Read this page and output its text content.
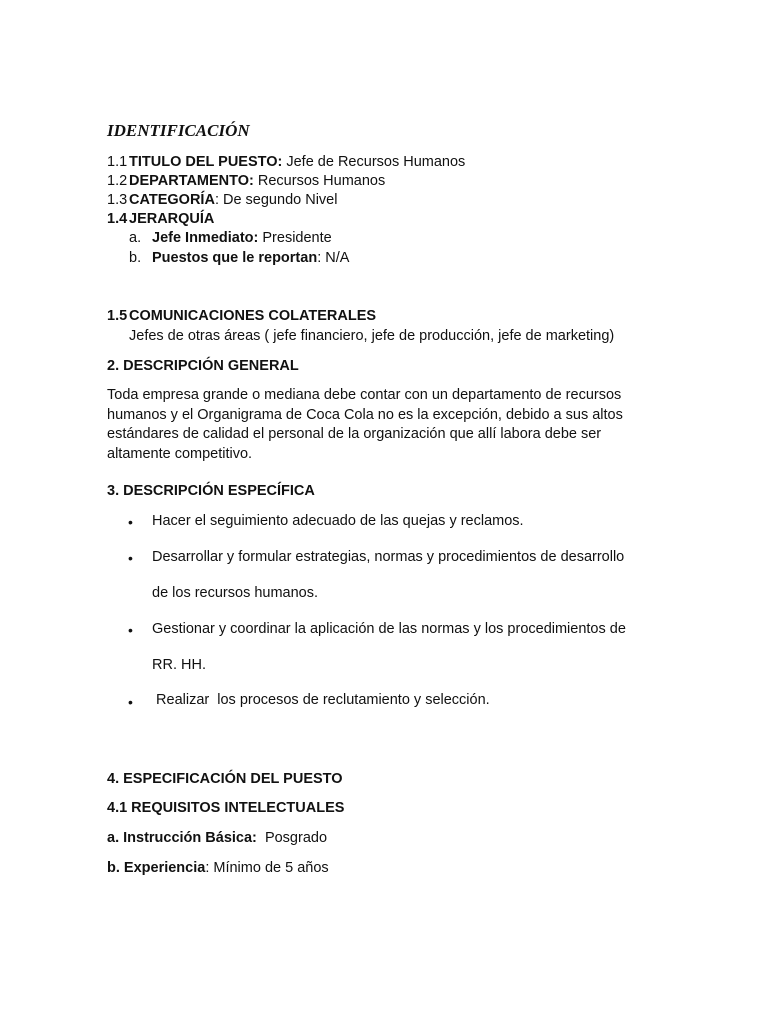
IDENTIFICACIÓN
1.1 TITULO DEL PUESTO: Jefe de Recursos Humanos
1.2 DEPARTAMENTO: Recursos Humanos
1.3 CATEGORÍA: De segundo Nivel
1.4 JERARQUÍA
a. Jefe Inmediato: Presidente
b. Puestos que le reportan: N/A
1.5 COMUNICACIONES COLATERALES
Jefes de otras áreas ( jefe financiero, jefe de producción, jefe de marketing)
2. DESCRIPCIÓN GENERAL
Toda empresa grande o mediana debe contar con un departamento de recursos humanos y el Organigrama de Coca Cola no es la excepción, debido a sus altos estándares de calidad el personal de la organización que allí labora debe ser altamente competitivo.
3. DESCRIPCIÓN ESPECÍFICA
• Hacer el seguimiento adecuado de las quejas y reclamos.
• Desarrollar y formular estrategias, normas y procedimientos de desarrollo
de los recursos humanos.
• Gestionar y coordinar la aplicación de las normas y los procedimientos de
RR. HH.
• Realizar  los procesos de reclutamiento y selección.
4. ESPECIFICACIÓN DEL PUESTO
4.1 REQUISITOS INTELECTUALES
a. Instrucción Básica:  Posgrado
b. Experiencia: Mínimo de 5 años
